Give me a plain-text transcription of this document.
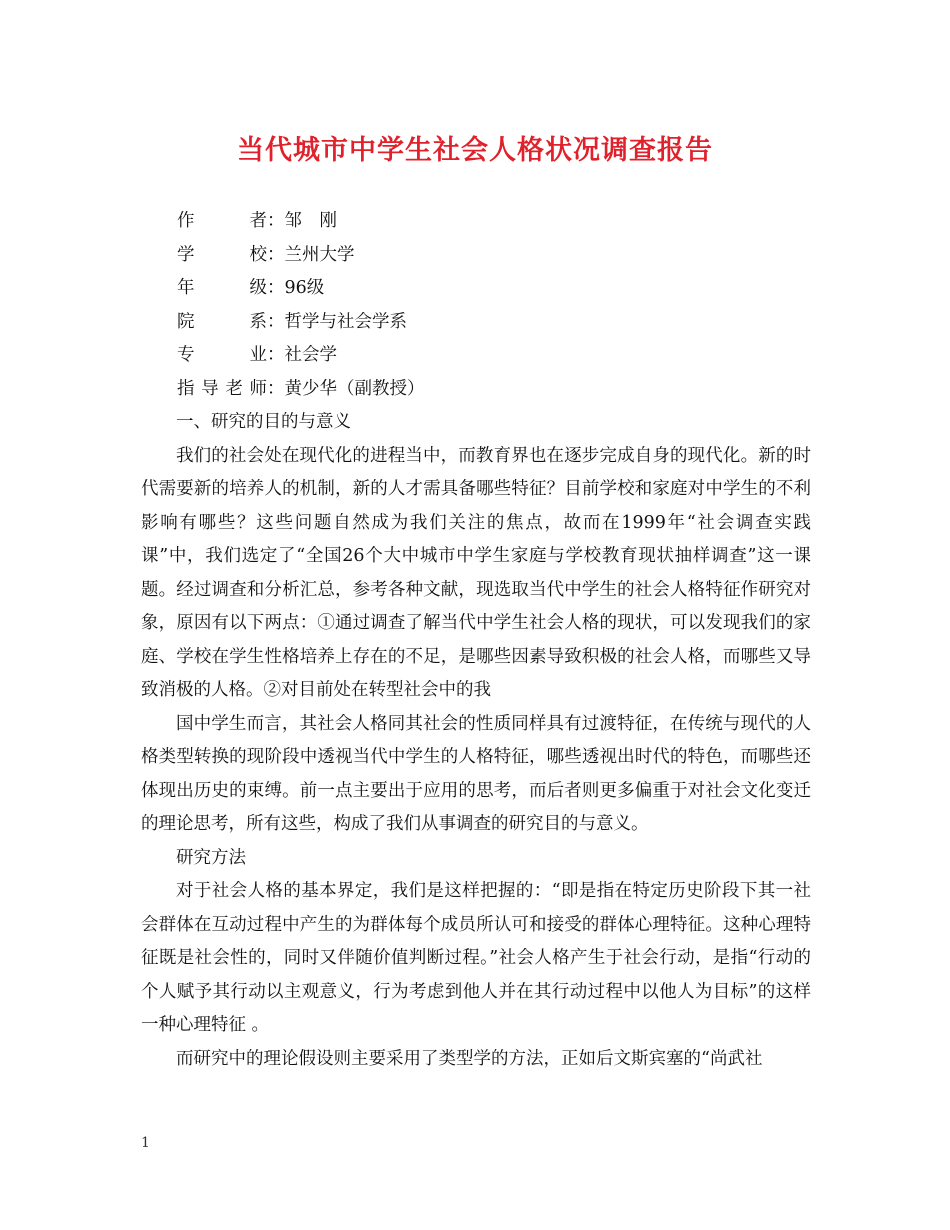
当代城市中学生社会人格状况调查报告
作者：邹　刚
学校：兰州大学
年级：96级
院系：哲学与社会学系
专业：社会学
指导老师：黄少华（副教授）
一、研究的目的与意义

我们的社会处在现代化的进程当中，而教育界也在逐步完成自身的现代化。新的时代需要新的培养人的机制，新的人才需具备哪些特征？目前学校和家庭对中学生的不利影响有哪些？这些问题自然成为我们关注的焦点，故而在1999年“社会调查实践课”中，我们选定了“全国26个大中城市中学生家庭与学校教育现状抽样调查”这一课题。经过调查和分析汇总，参考各种文献，现选取当代中学生的社会人格特征作研究对象，原因有以下两点：①通过调查了解当代中学生社会人格的现状，可以发现我们的家庭、学校在学生性格培养上存在的不足，是哪些因素导致积极的社会人格，而哪些又导致消极的人格。②对目前处在转型社会中的我

国中学生而言，其社会人格同其社会的性质同样具有过渡特征，在传统与现代的人格类型转换的现阶段中透视当代中学生的人格特征，哪些透视出时代的特色，而哪些还体现出历史的束缚。前一点主要出于应用的思考，而后者则更多偏重于对社会文化变迁的理论思考，所有这些，构成了我们从事调查的研究目的与意义。

研究方法

对于社会人格的基本界定，我们是这样把握的：“即是指在特定历史阶段下其一社会群体在互动过程中产生的为群体每个成员所认可和接受的群体心理特征。这种心理特征既是社会性的，同时又伴随价值判断过程。”社会人格产生于社会行动，是指“行动的个人赋予其行动以主观意义，行为考虑到他人并在其行动过程中以他人为目标”的这样一种心理特征 。

而研究中的理论假设则主要采用了类型学的方法，正如后文斯宾塞的“尚武社

1
